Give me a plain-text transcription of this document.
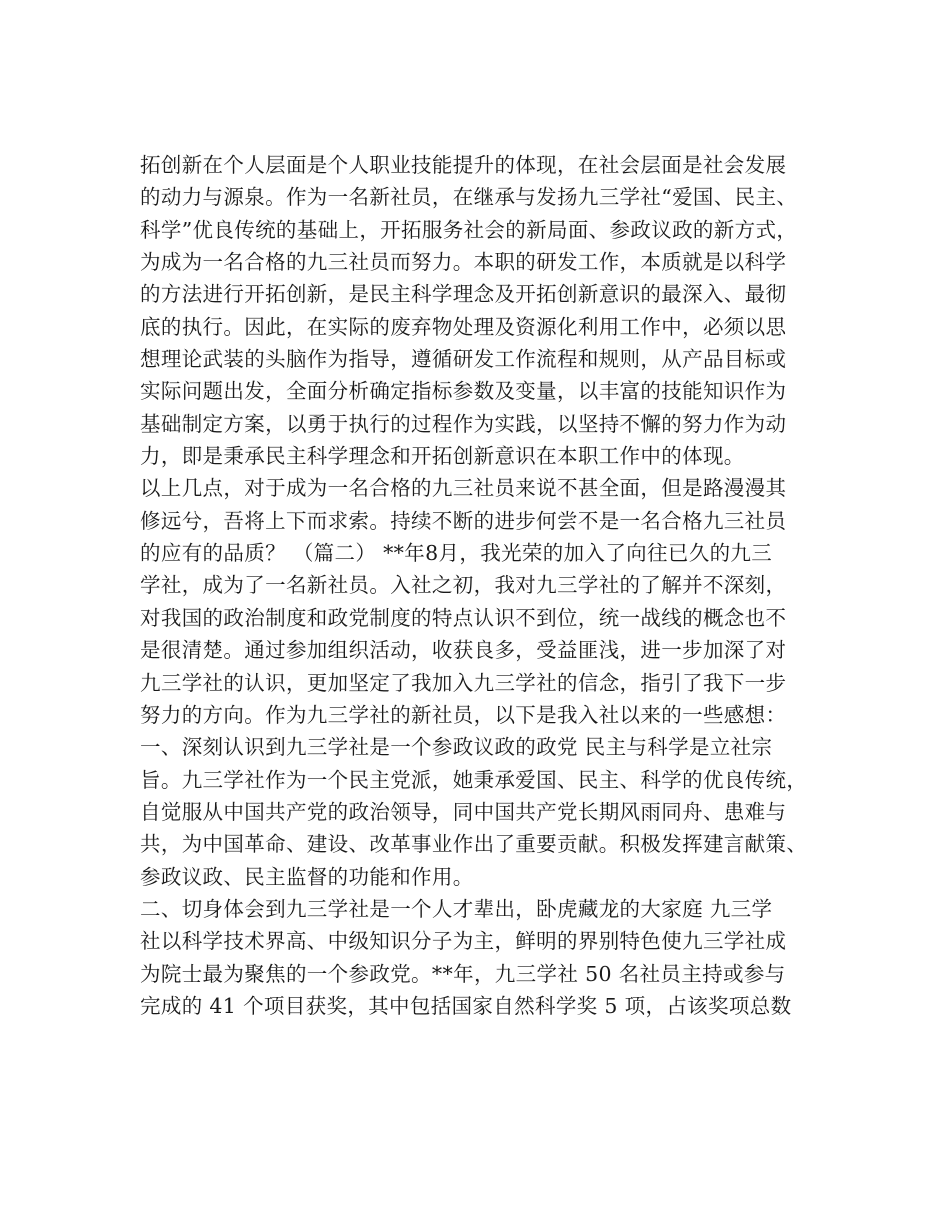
拓创新在个人层面是个人职业技能提升的体现，在社会层面是社会发展
的动力与源泉。作为一名新社员，在继承与发扬九三学社“爱国、民主、
科学”优良传统的基础上，开拓服务社会的新局面、参政议政的新方式，
为成为一名合格的九三社员而努力。本职的研发工作，本质就是以科学
的方法进行开拓创新，是民主科学理念及开拓创新意识的最深入、最彻
底的执行。因此，在实际的废弃物处理及资源化利用工作中，必须以思
想理论武装的头脑作为指导，遵循研发工作流程和规则，从产品目标或
实际问题出发，全面分析确定指标参数及变量，以丰富的技能知识作为
基础制定方案，以勇于执行的过程作为实践，以坚持不懈的努力作为动
力，即是秉承民主科学理念和开拓创新意识在本职工作中的体现。
以上几点，对于成为一名合格的九三社员来说不甚全面，但是路漫漫其
修远兮，吾将上下而求索。持续不断的进步何尝不是一名合格九三社员
的应有的品质？ （篇二） **年8月，我光荣的加入了向往已久的九三
学社，成为了一名新社员。入社之初，我对九三学社的了解并不深刻，
对我国的政治制度和政党制度的特点认识不到位，统一战线的概念也不
是很清楚。通过参加组织活动，收获良多，受益匪浅，进一步加深了对
九三学社的认识，更加坚定了我加入九三学社的信念，指引了我下一步
努力的方向。作为九三学社的新社员，以下是我入社以来的一些感想：
一、深刻认识到九三学社是一个参政议政的政党 民主与科学是立社宗
旨。九三学社作为一个民主党派，她秉承爱国、民主、科学的优良传统，
自觉服从中国共产党的政治领导，同中国共产党长期风雨同舟、患难与
共，为中国革命、建设、改革事业作出了重要贡献。积极发挥建言献策、
参政议政、民主监督的功能和作用。
二、切身体会到九三学社是一个人才辈出，卧虎藏龙的大家庭 九三学
社以科学技术界高、中级知识分子为主，鲜明的界别特色使九三学社成
为院士最为聚焦的一个参政党。**年，九三学社 50 名社员主持或参与
完成的 41 个项目获奖，其中包括国家自然科学奖 5 项，占该奖项总数
